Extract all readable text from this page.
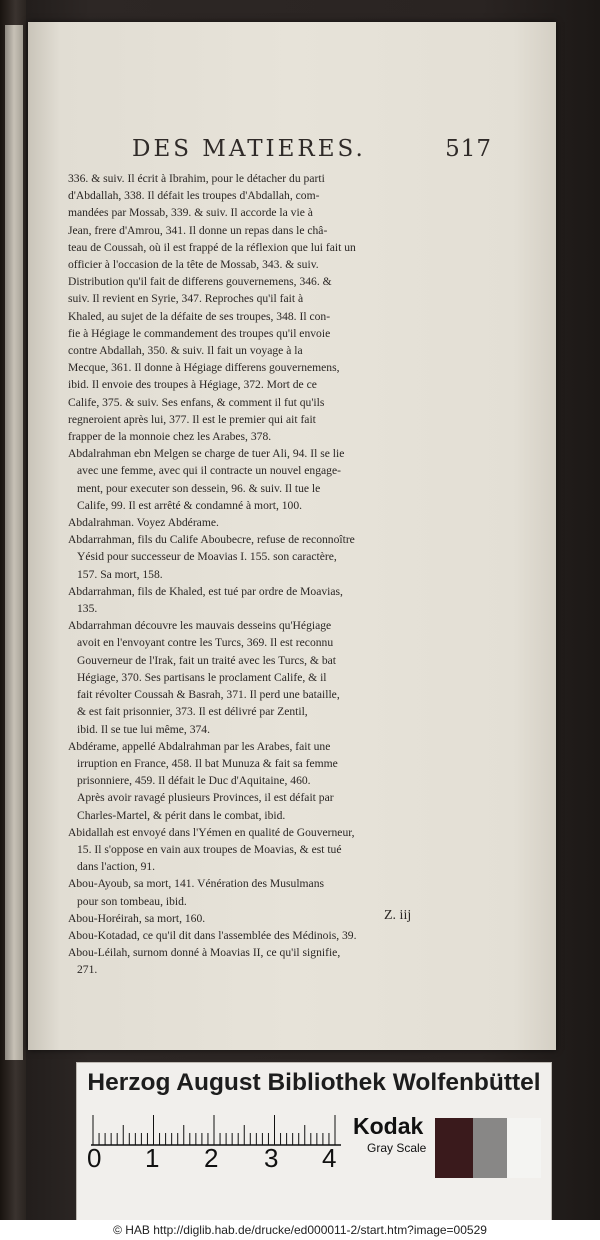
DES MATIERES.	517
336. & suiv. Il écrit à Ibrahim, pour le détacher du parti
d'Abdallah, 338. Il défait les troupes d'Abdallah, com-
mandées par Mossab, 339. & suiv. Il accorde la vie à
Jean, frere d'Amrou, 341. Il donne un repas dans le châ-
teau de Coussah, où il est frappé de la réflexion que lui fait un
officier à l'occasion de la tête de Mossab, 343. & suiv.
Distribution qu'il fait de differens gouvernemens, 346. &
suiv. Il revient en Syrie, 347. Reproches qu'il fait à
Khaled, au sujet de la défaite de ses troupes, 348. Il con-
fie à Hégiage le commandement des troupes qu'il envoie
contre Abdallah, 350. & suiv. Il fait un voyage à la
Mecque, 361. Il donne à Hégiage differens gouvernemens,
ibid. Il envoie des troupes à Hégiage, 372. Mort de ce
Calife, 375. & suiv. Ses enfans, & comment il fut qu'ils
regneroient après lui, 377. Il est le premier qui ait fait
frapper de la monnoie chez les Arabes, 378.
Abdalrahman ebn Melgen se charge de tuer Ali, 94. Il se lie
avec une femme, avec qui il contracte un nouvel engage-
ment, pour executer son dessein, 96. & suiv. Il tue le
Calife, 99. Il est arrêté & condamné à mort, 100.
Abdalrahman. Voyez Abdérame.
Abdarrahman, fils du Calife Aboubecre, refuse de reconnoître
Yésid pour successeur de Moavias I. 155. son caractère,
157. Sa mort, 158.
Abdarrahman, fils de Khaled, est tué par ordre de Moavias,
135.
Abdarrahman découvre les mauvais desseins qu'Hégiage
avoit en l'envoyant contre les Turcs, 369. Il est reconnu
Gouverneur de l'Irak, fait un traité avec les Turcs, & bat
Hégiage, 370. Ses partisans le proclament Calife, & il
fait révolter Coussah & Basrah, 371. Il perd une bataille,
& est fait prisonnier, 373. Il est délivré par Zentil,
ibid. Il se tue lui même, 374.
Abdérame, appellé Abdalrahman par les Arabes, fait une
irruption en France, 458. Il bat Munuza & fait sa femme
prisonniere, 459. Il défait le Duc d'Aquitaine, 460.
Après avoir ravagé plusieurs Provinces, il est défait par
Charles-Martel, & périt dans le combat, ibid.
Abidallah est envoyé dans l'Yémen en qualité de Gouverneur,
15. Il s'oppose en vain aux troupes de Moavias, & est tué
dans l'action, 91.
Abou-Ayoub, sa mort, 141. Vénération des Musulmans
pour son tombeau, ibid.
Abou-Horéirah, sa mort, 160.
Abou-Kotadad, ce qu'il dit dans l'assemblée des Médinois, 39.
Abou-Léilah, surnom donné à Moavias II, ce qu'il signifie,
271.
Z. iij
Herzog August Bibliothek Wolfenbüttel
0 1 2 3 4
Kodak
Gray Scale
© HAB http://diglib.hab.de/drucke/ed000011-2/start.htm?image=00529
